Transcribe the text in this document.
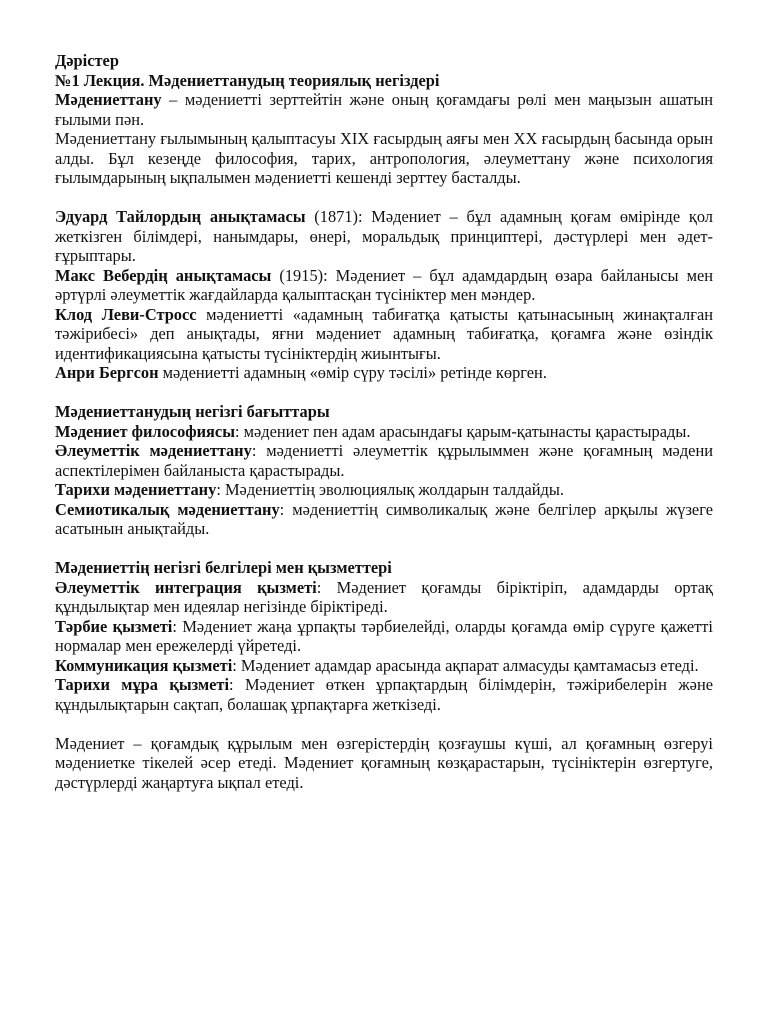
Дәрістер

№1 Лекция. Мәдениеттанудың теориялық негіздері

Мәдениеттану – мәдениетті зерттейтін және оның қоғамдағы рөлі мен маңызын ашатын ғылыми пән.

Мәдениеттану ғылымының қалыптасуы XIX ғасырдың аяғы мен XX ғасырдың басында орын алды. Бұл кезеңде философия, тарих, антропология, әлеуметтану және психология ғылымдарының ықпалымен мәдениетті кешенді зерттеу басталды.

Эдуард Тайлордың анықтамасы (1871): Мәдениет – бұл адамның қоғам өмірінде қол жеткізген білімдері, нанымдары, өнері, моральдық принциптері, дәстүрлері мен әдет-ғұрыптары.

Макс Вебердің анықтамасы (1915): Мәдениет – бұл адамдардың өзара байланысы мен әртүрлі әлеуметтік жағдайларда қалыптасқан түсініктер мен мәндер.

Клод Леви-Стросс мәдениетті «адамның табиғатқа қатысты қатынасының жинақталған тәжірибесі» деп анықтады, яғни мәдениет адамның табиғатқа, қоғамға және өзіндік идентификациясына қатысты түсініктердің жиынтығы.

Анри Бергсон мәдениетті адамның «өмір сүру тәсілі» ретінде көрген.

Мәдениеттанудың негізгі бағыттары

Мәдениет философиясы: мәдениет пен адам арасындағы қарым-қатынасты қарастырады.

Әлеуметтік мәдениеттану: мәдениетті әлеуметтік құрылыммен және қоғамның мәдени аспектілерімен байланыста қарастырады.

Тарихи мәдениеттану: Мәдениеттің эволюциялық жолдарын талдайды.

Семиотикалық мәдениеттану: мәдениеттің символикалық және белгілер арқылы жүзеге асатынын анықтайды.

Мәдениеттің негізгі белгілері мен қызметтері

Әлеуметтік интеграция қызметі: Мәдениет қоғамды біріктіріп, адамдарды ортақ құндылықтар мен идеялар негізінде біріктіреді.

Тәрбие қызметі: Мәдениет жаңа ұрпақты тәрбиелейді, оларды қоғамда өмір сүруге қажетті нормалар мен ережелерді үйретеді.

Коммуникация қызметі: Мәдениет адамдар арасында ақпарат алмасуды қамтамасыз етеді.

Тарихи мұра қызметі: Мәдениет өткен ұрпақтардың білімдерін, тәжірибелерін және құндылықтарын сақтап, болашақ ұрпақтарға жеткізеді.

Мәдениет – қоғамдық құрылым мен өзгерістердің қозғаушы күші, ал қоғамның өзгеруі мәдениетке тікелей әсер етеді. Мәдениет қоғамның көзқарастарын, түсініктерін өзгертуге, дәстүрлерді жаңартуға ықпал етеді.
